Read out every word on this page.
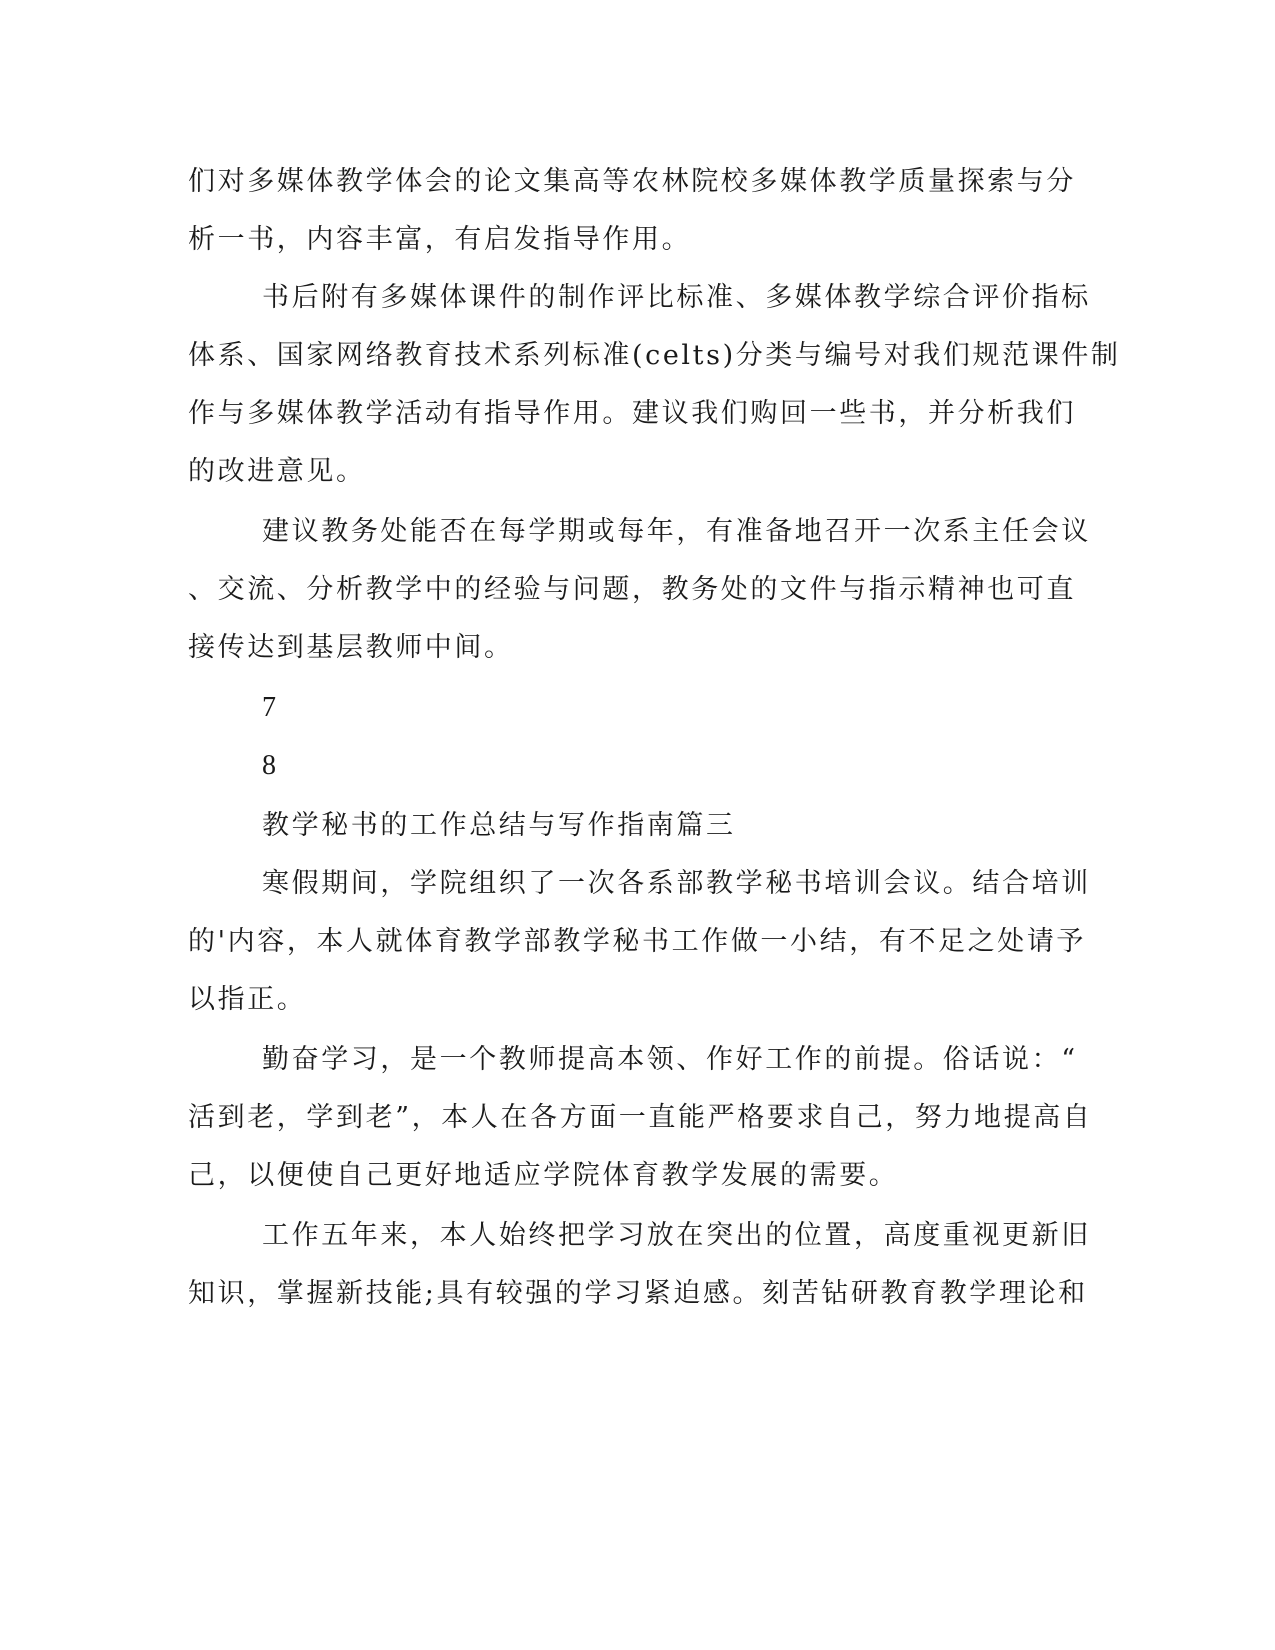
们对多媒体教学体会的论文集高等农林院校多媒体教学质量探索与分
析一书，内容丰富，有启发指导作用。
书后附有多媒体课件的制作评比标准、多媒体教学综合评价指标
体系、国家网络教育技术系列标准(celts)分类与编号对我们规范课件制
作与多媒体教学活动有指导作用。建议我们购回一些书，并分析我们
的改进意见。
建议教务处能否在每学期或每年，有准备地召开一次系主任会议
、交流、分析教学中的经验与问题，教务处的文件与指示精神也可直
接传达到基层教师中间。
7
8
教学秘书的工作总结与写作指南篇三
寒假期间，学院组织了一次各系部教学秘书培训会议。结合培训
的'内容，本人就体育教学部教学秘书工作做一小结，有不足之处请予
以指正。
勤奋学习，是一个教师提高本领、作好工作的前提。俗话说：“
活到老，学到老”，本人在各方面一直能严格要求自己，努力地提高自
己，以便使自己更好地适应学院体育教学发展的需要。
工作五年来，本人始终把学习放在突出的位置，高度重视更新旧
知识，掌握新技能;具有较强的学习紧迫感。刻苦钻研教育教学理论和
